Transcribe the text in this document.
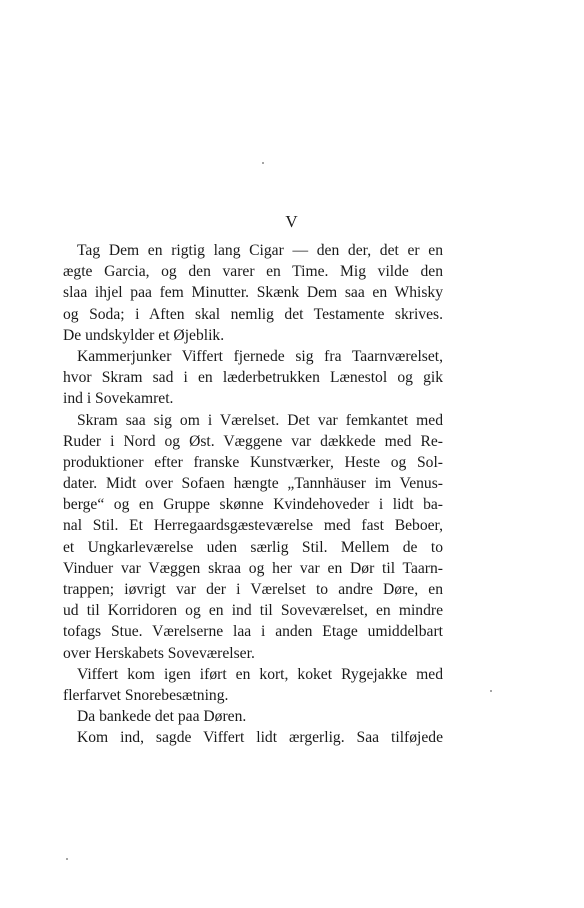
V
Tag Dem en rigtig lang Cigar — den der, det er en
ægte Garcia, og den varer en Time. Mig vilde den
slaa ihjel paa fem Minutter. Skænk Dem saa en Whisky
og Soda; i Aften skal nemlig det Testamente skrives.
De undskylder et Øjeblik.
Kammerjunker Viffert fjernede sig fra Taarnværelset,
hvor Skram sad i en læderbetrukken Lænestol og gik
ind i Sovekamret.
Skram saa sig om i Værelset. Det var femkantet med
Ruder i Nord og Øst. Væggene var dækkede med Re-
produktioner efter franske Kunstværker, Heste og Sol-
dater. Midt over Sofaen hængte „Tannhäuser im Venus-
berge“ og en Gruppe skønne Kvindehoveder i lidt ba-
nal Stil. Et Herregaardsgæsteværelse med fast Beboer,
et Ungkarleværelse uden særlig Stil. Mellem de to
Vinduer var Væggen skraa og her var en Dør til Taarn-
trappen; iøvrigt var der i Værelset to andre Døre, en
ud til Korridoren og en ind til Soveværelset, en mindre
tofags Stue. Værelserne laa i anden Etage umiddelbart
over Herskabets Soveværelser.
Viffert kom igen iført en kort, koket Rygejakke med
flerfarvet Snorebesætning.
Da bankede det paa Døren.
Kom ind, sagde Viffert lidt ærgerlig. Saa tilføjede
